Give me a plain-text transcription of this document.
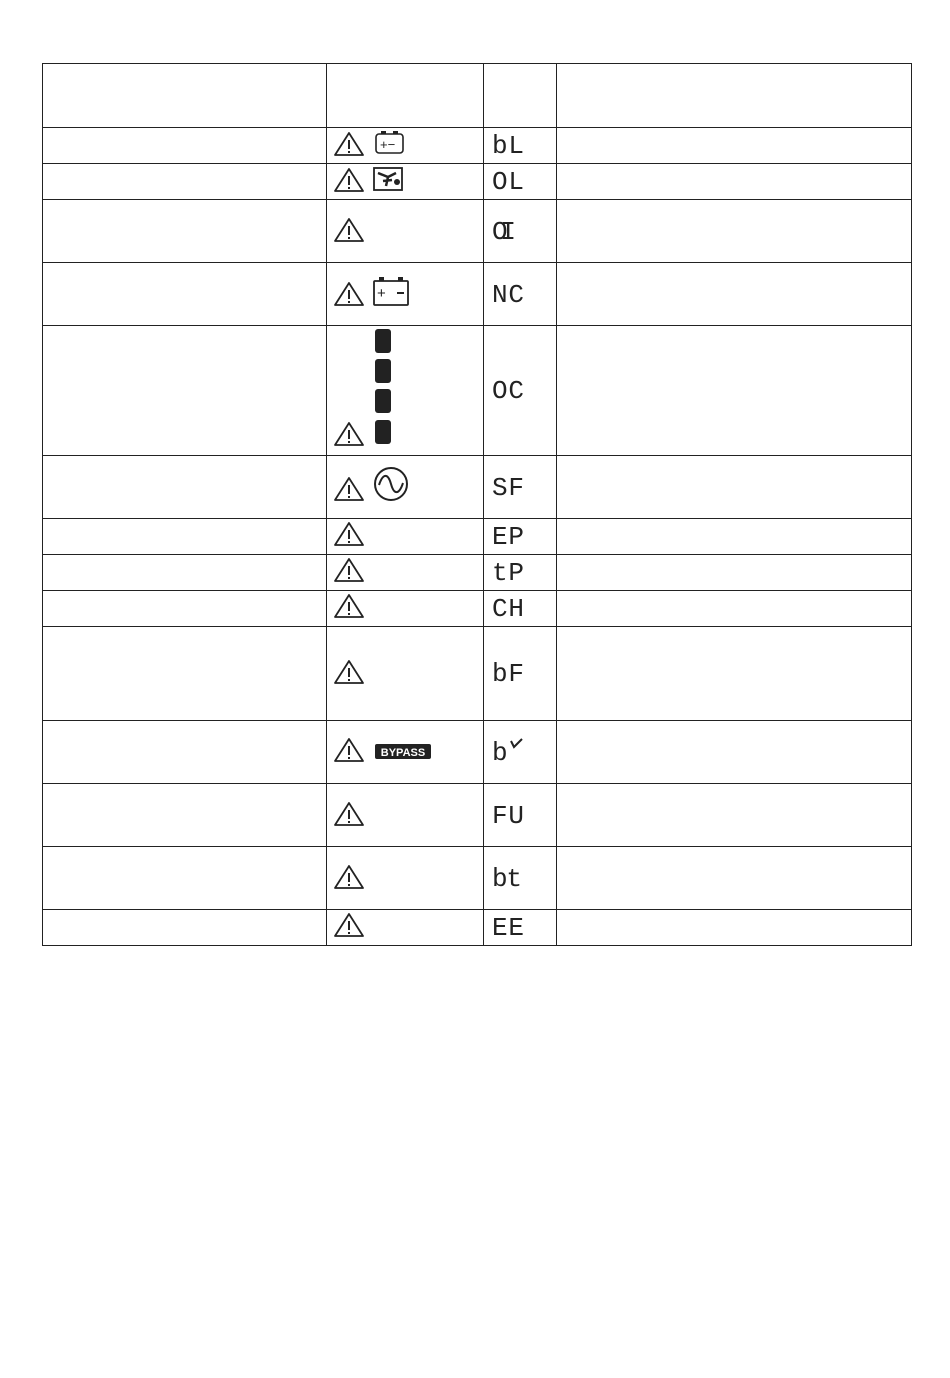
+−	bL	

OL	

OI	

+	NC	

OC	

SF	

EP	

tP	

CH	

bF	

BYPASS	b	

FU	

bt	

EE	
